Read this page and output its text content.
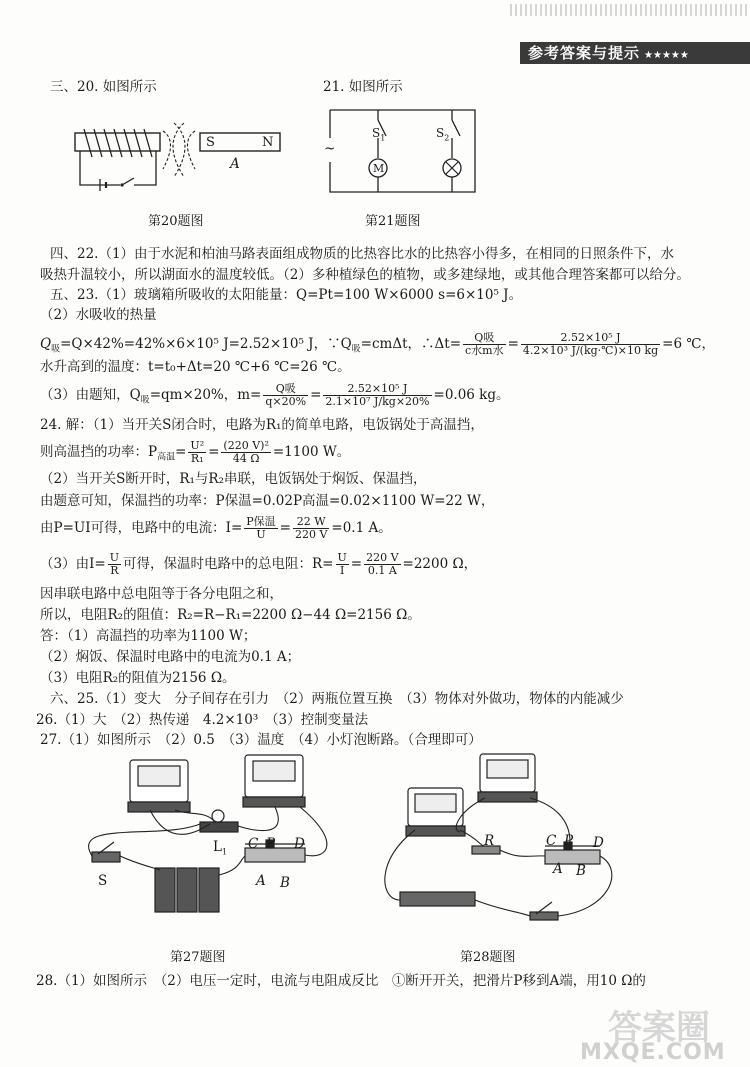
参考答案与提示 ★★★★★
三、20. 如图所示	21. 如图所示
S	N
A
第20题图
~
$S_1$	$S_2$
M
第21题图
四、22.（1）由于水泥和柏油马路表面组成物质的比热容比水的比热容小得多，在相同的日照条件下，水
吸热升温较小，所以湖面水的温度较低。（2）多种植绿色的植物，或多建绿地，或其他合理答案都可以给分。
五、23.（1）玻璃箱所吸收的太阳能量：Q=Pt=100 W×6000 s=6×10⁵ J。
（2）水吸收的热量
$Q_吸=Q\times 42\%=42\%\times 6\times 10^5$ J=2.52×10⁵ J，$\because Q_吸=cm\Delta t$，∴Δt= $\frac{\text{Q吸}}{\text{c水m水}} = \frac{\text{2.52×10⁵ J}}{\text{4.2×10³ J/(kg·℃)×10 kg}} =6$ ℃，
水升高到的温度：t=t₀+Δt=20 ℃+6 ℃=26 ℃。
（3）由题知，$Q_吸=qm\times 20\%$，$m= \frac{\text{Q吸}}{q\times 20\%} = \frac{\text{2.52×10⁵ J}}{\text{2.1×10⁷ J/kg×20\%}} =0.06$ kg。
24. 解：（1）当开关S闭合时，电路为R₁的简单电路，电饭锅处于高温挡，
则高温挡的功率：$P_{高温}= \frac{\text{U²}}{\text{R₁}} = \frac{\text{(220 V)²}}{44 \Omega} =1100$ W。
（2）当开关S断开时，R₁与R₂串联，电饭锅处于焖饭、保温挡，
由题意可知，保温挡的功率：P保温=0.02P高温=0.02×1100 W=22 W，
由P=UI可得，电路中的电流：$I= \frac{\text{P保温}}{U} = \frac{22 W}{220 V} =0.1$ A。
（3）由$I= \frac{U}{R}$ 可得，保温时电路中的总电阻：$R= \frac{U}{I} = \frac{220 V}{0.1 A} =2200$ Ω，
因串联电路中总电阻等于各分电阻之和，
所以，电阻R₂的阻值：R₂=R−R₁=2200 Ω−44 Ω=2156 Ω。
答：（1）高温挡的功率为1100 W；
（2）焖饭、保温时电路中的电流为0.1 A；
（3）电阻R₂的阻值为2156 Ω。
六、25.（1）变大　分子间存在引力　（2）两瓶位置互换　（3）物体对外做功，物体的内能减少
26.（1）大　（2）热传递　4.2×10³　（3）控制变量法
27.（1）如图所示　（2）0.5　（3）温度　（4）小灯泡断路。（合理即可）
$L_1$
S
C P D
A B
第27题图
R	C P D
A B
第28题图
28.（1）如图所示　（2）电压一定时，电流与电阻成反比　①断开开关，把滑片P移到A端，用10 Ω的
答案圈
MXQE.COM
